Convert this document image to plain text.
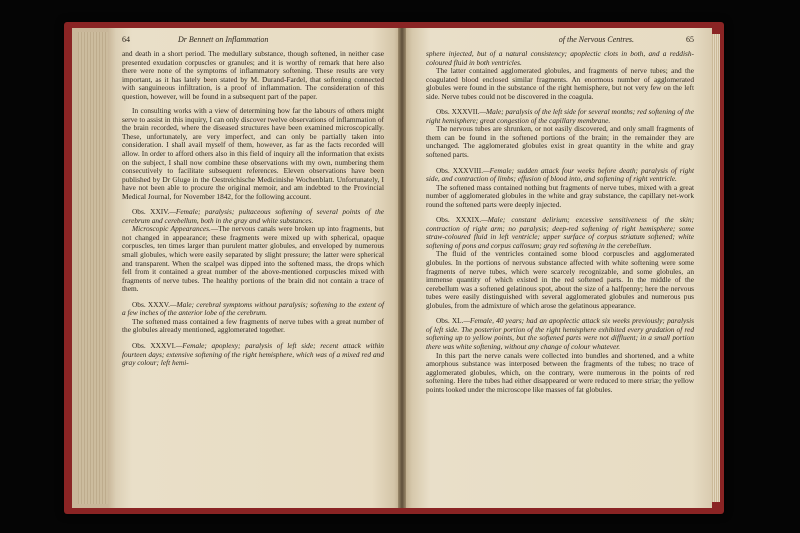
64	Dr Bennett on Inflammation

and death in a short period. The medullary substance, though softened, in neither case presented exudation corpuscles or granules; and it is worthy of remark that here also there were none of the symptoms of inflammatory softening. These results are very important, as it has lately been stated by M. Durand-Fardel, that softening connected with sanguineous infiltration, is a proof of inflammation. The consideration of this question, however, will be found in a subsequent part of the paper.

In consulting works with a view of determining how far the labours of others might serve to assist in this inquiry, I can only discover twelve observations of inflammation of the brain recorded, where the diseased structures have been examined microscopically. These, unfortunately, are very imperfect, and can only be partially taken into consideration. I shall avail myself of them, however, as far as the facts recorded will allow. In order to afford others also in this field of inquiry all the information that exists on the subject, I shall now combine these observations with my own, numbering them consecutively to facilitate subsequent references. Eleven observations have been published by Dr Gluge in the Oestreichische Medicinishe Wochenblatt. Unfortunately, I have not been able to procure the original memoir, and am indebted to the Provincial Medical Journal, for November 1842, for the following account.

Obs. XXIV.—Female; paralysis; pultaceous softening of several points of the cerebrum and cerebellum, both in the gray and white substances.

Microscopic Appearances.—The nervous canals were broken up into fragments, but not changed in appearance; these fragments were mixed up with spherical, opaque corpuscles, ten times larger than purulent matter globules, and enveloped by numerous small globules, which were easily separated by slight pressure; the latter were spherical and transparent. When the scalpel was dipped into the softened mass, the drops which fell from it contained a great number of the above-mentioned corpuscles mixed with fragments of nerve tubes. The healthy portions of the brain did not contain a trace of them.

Obs. XXXV.—Male; cerebral symptoms without paralysis; softening to the extent of a few inches of the anterior lobe of the cerebrum.

The softened mass contained a few fragments of nerve tubes with a great number of the globules already mentioned, agglomerated together.

Obs. XXXVI.—Female; apoplexy; paralysis of left side; recent attack within fourteen days; extensive softening of the right hemisphere, which was of a mixed red and gray colour; left hemi-

of the Nervous Centres.	65

sphere injected, but of a natural consistency; apoplectic clots in both, and a reddish-coloured fluid in both ventricles.

The latter contained agglomerated globules, and fragments of nerve tubes; and the coagulated blood enclosed similar fragments. An enormous number of agglomerated globules were found in the substance of the right hemisphere, but not very few on the left side. Nerve tubes could not be discovered in the coagula.

Obs. XXXVII.—Male; paralysis of the left side for several months; red softening of the right hemisphere; great congestion of the capillary membrane.

The nervous tubes are shrunken, or not easily discovered, and only small fragments of them can be found in the softened portions of the brain; in the remainder they are unchanged. The agglomerated globules exist in great quantity in the white and gray softened parts.

Obs. XXXVIII.—Female; sudden attack four weeks before death; paralysis of right side, and contraction of limbs; effusion of blood into, and softening of right ventricle.

The softened mass contained nothing but fragments of nerve tubes, mixed with a great number of agglomerated globules in the white and gray substance, the capillary net-work round the softened parts were deeply injected.

Obs. XXXIX.—Male; constant delirium; excessive sensitiveness of the skin; contraction of right arm; no paralysis; deep-red softening of right hemisphere; some straw-coloured fluid in left ventricle; upper surface of corpus striatum softened; white softening of pons and corpus callosum; gray red softening in the cerebellum.

The fluid of the ventricles contained some blood corpuscles and agglomerated globules. In the portions of nervous substance affected with white softening were some fragments of nerve tubes, which were scarcely recognizable, and some globules, an immense quantity of which existed in the red softened parts. In the middle of the cerebellum was a softened gelatinous spot, about the size of a halfpenny; here the nervous tubes were easily distinguished with several agglomerated globules and numerous pus globules, from the admixture of which arose the gelatinous appearance.

Obs. XL.—Female, 40 years; had an apoplectic attack six weeks previously; paralysis of left side. The posterior portion of the right hemisphere exhibited every gradation of red softening up to yellow points, but the softened parts were not diffluent; in a small portion there was white softening, without any change of colour whatever.

In this part the nerve canals were collected into bundles and shortened, and a white amorphous substance was interposed between the fragments of the tubes; no trace of agglomerated globules, which, on the contrary, were numerous in the points of red softening. Here the tubes had either disappeared or were reduced to mere striæ; the yellow points looked under the microscope like masses of fat globules.
